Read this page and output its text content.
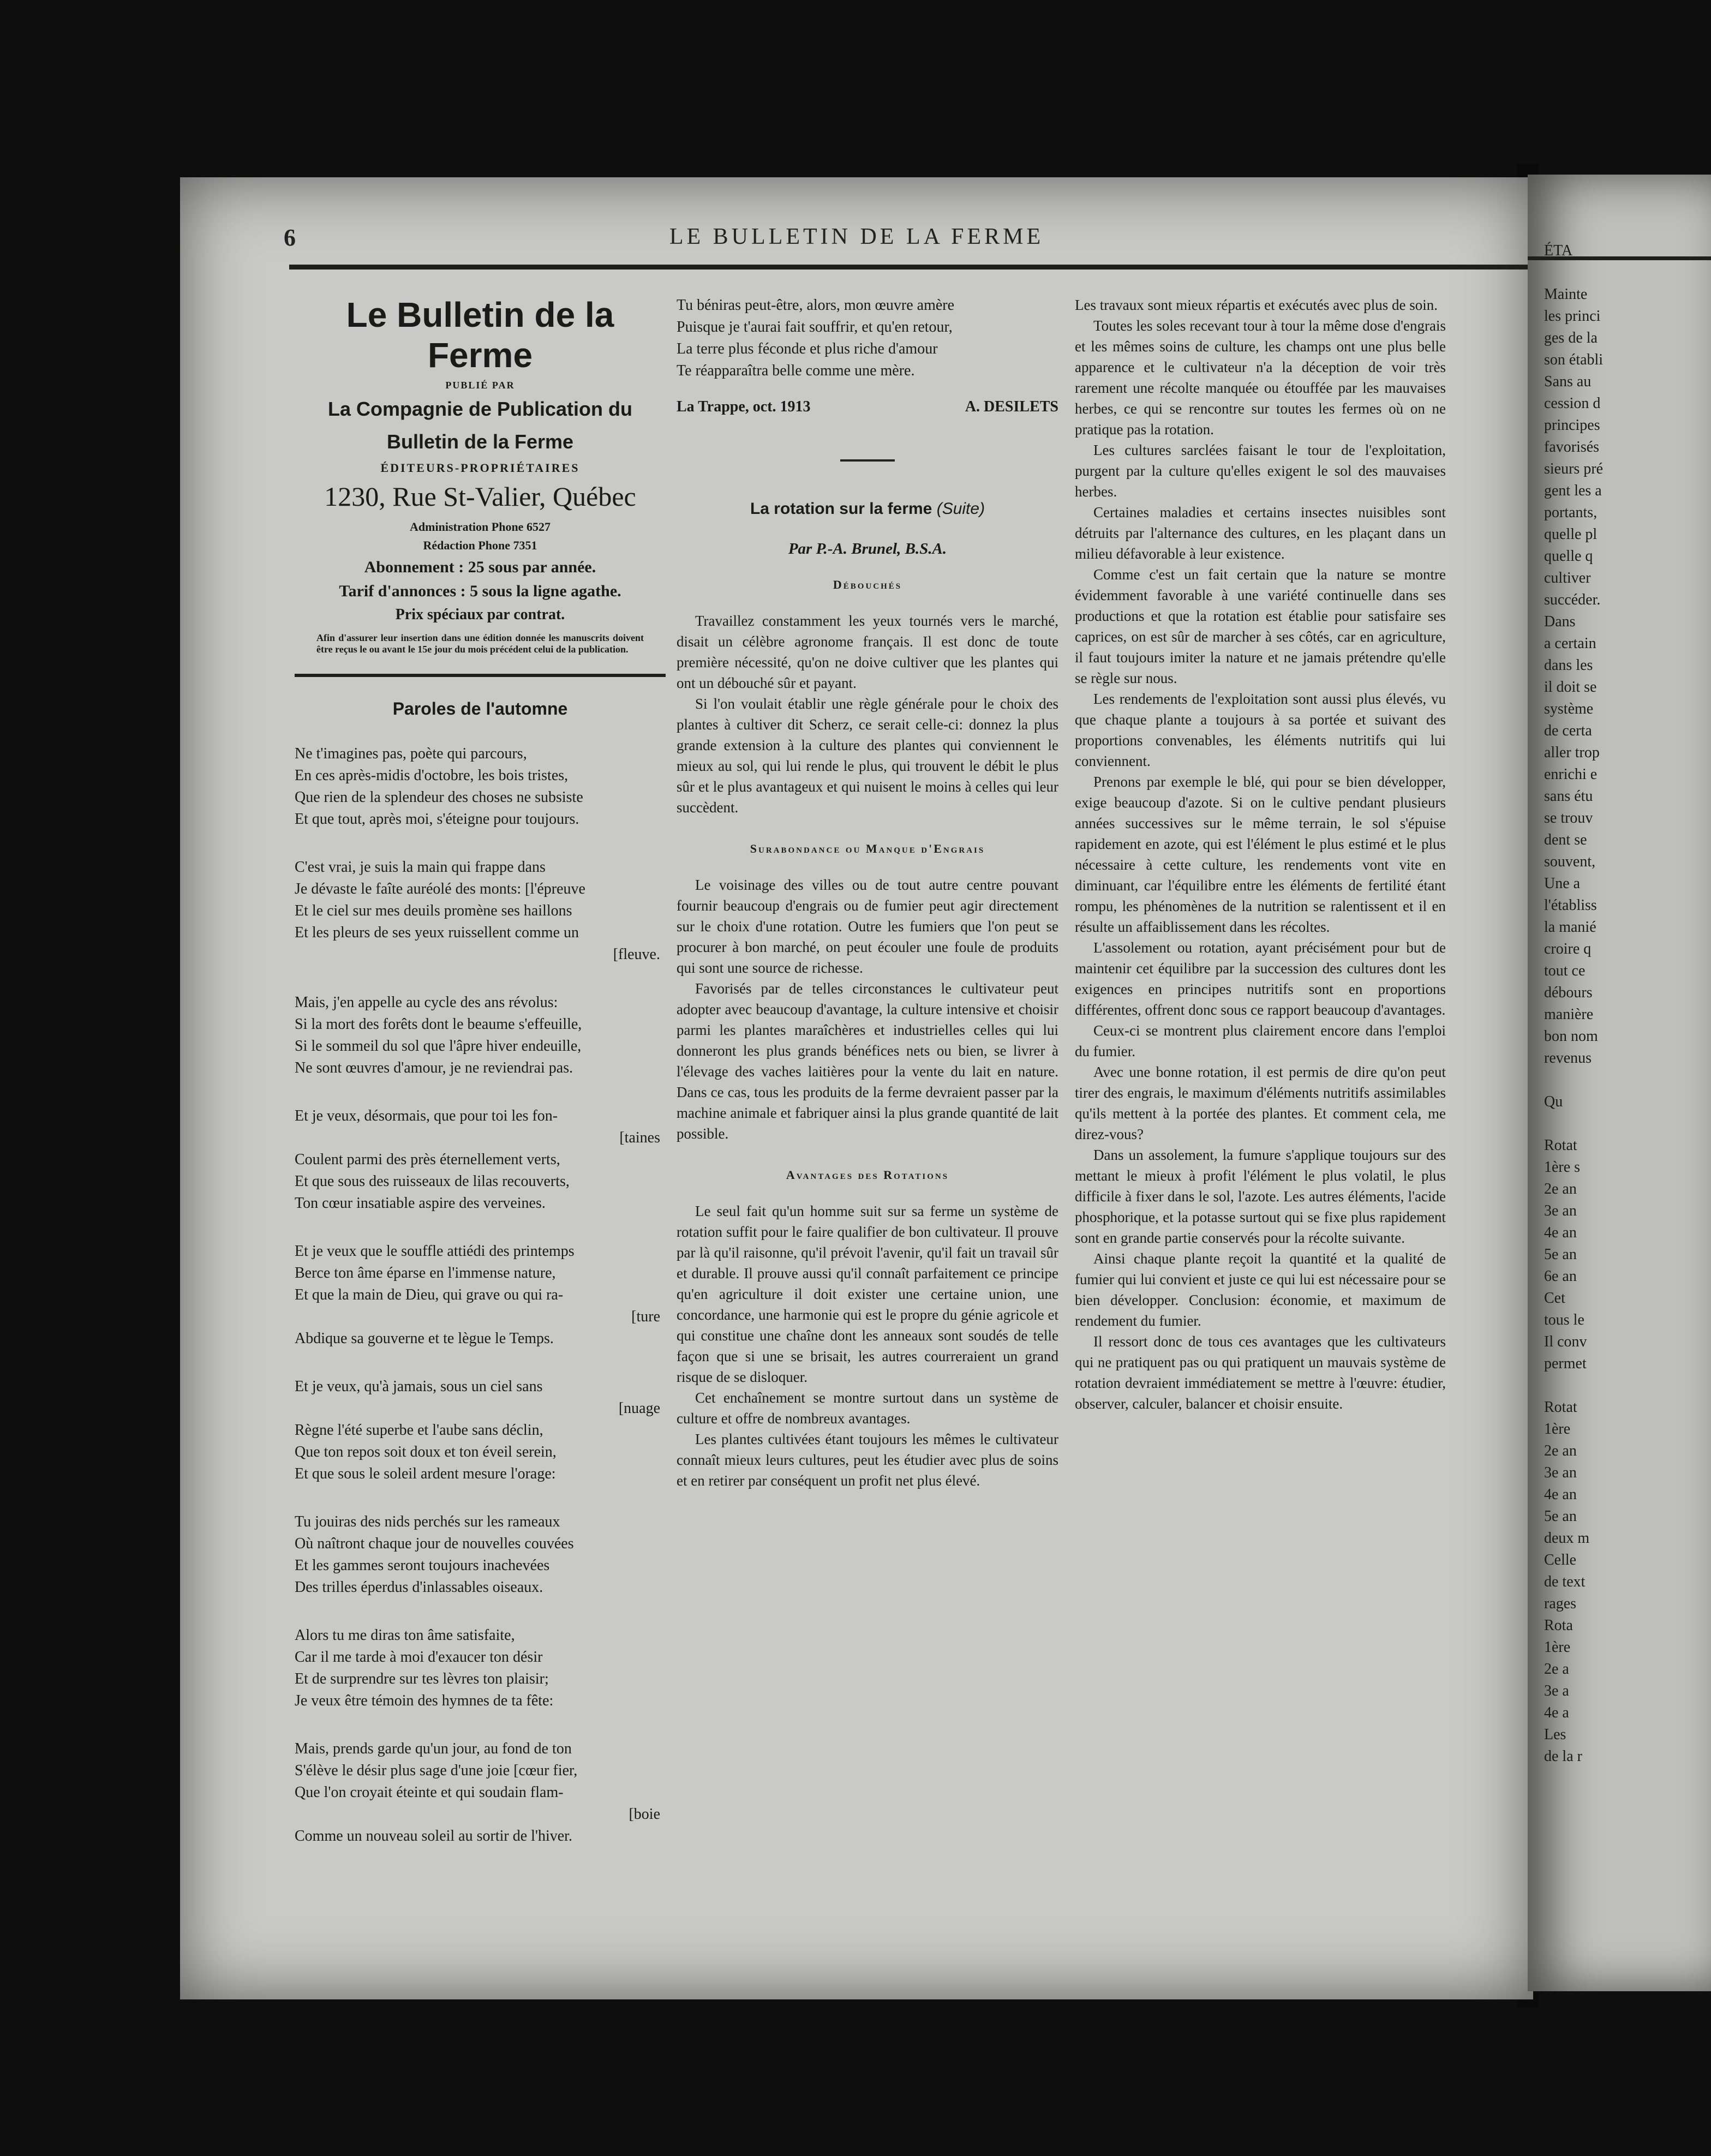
6	LE BULLETIN DE LA FERME
Le Bulletin de la Ferme
PUBLIÉ PAR
La Compagnie de Publication du
Bulletin de la Ferme
ÉDITEURS-PROPRIÉTAIRES
1230, Rue St-Valier, Québec
Administration Phone 6527
Rédaction Phone 7351
Abonnement : 25 sous par année.
Tarif d'annonces : 5 sous la ligne agathe.
Prix spéciaux par contrat.
Afin d'assurer leur insertion dans une édition donnée les manuscrits doivent être reçus le ou avant le 15e jour du mois précédent celui de la publication.
Paroles de l'automne
Ne t'imagines pas, poète qui parcours,
En ces après-midis d'octobre, les bois tristes,
Que rien de la splendeur des choses ne subsiste
Et que tout, après moi, s'éteigne pour toujours.
C'est vrai, je suis la main qui frappe dans
Je dévaste le faîte auréolé des monts: [l'épreuve
Et le ciel sur mes deuils promène ses haillons
Et les pleurs de ses yeux ruissellent comme un
[fleuve.
Mais, j'en appelle au cycle des ans révolus:
Si la mort des forêts dont le beaume s'effeuille,
Si le sommeil du sol que l'âpre hiver endeuille,
Ne sont œuvres d'amour, je ne reviendrai pas.
Et je veux, désormais, que pour toi les fon-
[taines
Coulent parmi des près éternellement verts,
Et que sous des ruisseaux de lilas recouverts,
Ton cœur insatiable aspire des verveines.
Et je veux que le souffle attiédi des printemps
Berce ton âme éparse en l'immense nature,
Et que la main de Dieu, qui grave ou qui ra-
[ture
Abdique sa gouverne et te lègue le Temps.
Et je veux, qu'à jamais, sous un ciel sans
[nuage
Règne l'été superbe et l'aube sans déclin,
Que ton repos soit doux et ton éveil serein,
Et que sous le soleil ardent mesure l'orage:
Tu jouiras des nids perchés sur les rameaux
Où naîtront chaque jour de nouvelles couvées
Et les gammes seront toujours inachevées
Des trilles éperdus d'inlassables oiseaux.
Alors tu me diras ton âme satisfaite,
Car il me tarde à moi d'exaucer ton désir
Et de surprendre sur tes lèvres ton plaisir;
Je veux être témoin des hymnes de ta fête:
Mais, prends garde qu'un jour, au fond de ton
S'élève le désir plus sage d'une joie [cœur fier,
Que l'on croyait éteinte et qui soudain flam-
[boie
Comme un nouveau soleil au sortir de l'hiver.
Tu béniras peut-être, alors, mon œuvre amère
Puisque je t'aurai fait souffrir, et qu'en retour,
La terre plus féconde et plus riche d'amour
Te réapparaîtra belle comme une mère.
La Trappe, oct. 1913	A. DESILETS
La rotation sur la ferme (Suite)
Par P.-A. Brunel, B.S.A.
Débouchés

Travaillez constamment les yeux tournés vers le marché, disait un célèbre agronome français. Il est donc de toute première nécessité, qu'on ne doive cultiver que les plantes qui ont un débouché sûr et payant.

Si l'on voulait établir une règle générale pour le choix des plantes à cultiver dit Scherz, ce serait celle-ci: donnez la plus grande extension à la culture des plantes qui conviennent le mieux au sol, qui lui rende le plus, qui trouvent le débit le plus sûr et le plus avantageux et qui nuisent le moins à celles qui leur succèdent.

Surabondance ou Manque d'Engrais

Le voisinage des villes ou de tout autre centre pouvant fournir beaucoup d'engrais ou de fumier peut agir directement sur le choix d'une rotation. Outre les fumiers que l'on peut se procurer à bon marché, on peut écouler une foule de produits qui sont une source de richesse.

Favorisés par de telles circonstances le cultivateur peut adopter avec beaucoup d'avantage, la culture intensive et choisir parmi les plantes maraîchères et industrielles celles qui lui donneront les plus grands bénéfices nets ou bien, se livrer à l'élevage des vaches laitières pour la vente du lait en nature. Dans ce cas, tous les produits de la ferme devraient passer par la machine animale et fabriquer ainsi la plus grande quantité de lait possible.

Avantages des Rotations

Le seul fait qu'un homme suit sur sa ferme un système de rotation suffit pour le faire qualifier de bon cultivateur. Il prouve par là qu'il raisonne, qu'il prévoit l'avenir, qu'il fait un travail sûr et durable. Il prouve aussi qu'il connaît parfaitement ce principe qu'en agriculture il doit exister une certaine union, une concordance, une harmonie qui est le propre du génie agricole et qui constitue une chaîne dont les anneaux sont soudés de telle façon que si une se brisait, les autres courreraient un grand risque de se disloquer.

Cet enchaînement se montre surtout dans un système de culture et offre de nombreux avantages.

Les plantes cultivées étant toujours les mêmes le cultivateur connaît mieux leurs cultures, peut les étudier avec plus de soins et en retirer par conséquent un profit net plus élevé.

Les travaux sont mieux répartis et exécutés avec plus de soin.

Toutes les soles recevant tour à tour la même dose d'engrais et les mêmes soins de culture, les champs ont une plus belle apparence et le cultivateur n'a la déception de voir très rarement une récolte manquée ou étouffée par les mauvaises herbes, ce qui se rencontre sur toutes les fermes où on ne pratique pas la rotation.

Les cultures sarclées faisant le tour de l'exploitation, purgent par la culture qu'elles exigent le sol des mauvaises herbes.

Certaines maladies et certains insectes nuisibles sont détruits par l'alternance des cultures, en les plaçant dans un milieu défavorable à leur existence.

Comme c'est un fait certain que la nature se montre évidemment favorable à une variété continuelle dans ses productions et que la rotation est établie pour satisfaire ses caprices, on est sûr de marcher à ses côtés, car en agriculture, il faut toujours imiter la nature et ne jamais prétendre qu'elle se règle sur nous.

Les rendements de l'exploitation sont aussi plus élevés, vu que chaque plante a toujours à sa portée et suivant des proportions convenables, les éléments nutritifs qui lui conviennent.

Prenons par exemple le blé, qui pour se bien développer, exige beaucoup d'azote. Si on le cultive pendant plusieurs années successives sur le même terrain, le sol s'épuise rapidement en azote, qui est l'élément le plus estimé et le plus nécessaire à cette culture, les rendements vont vite en diminuant, car l'équilibre entre les éléments de fertilité étant rompu, les phénomènes de la nutrition se ralentissent et il en résulte un affaiblissement dans les récoltes.

L'assolement ou rotation, ayant précisément pour but de maintenir cet équilibre par la succession des cultures dont les exigences en principes nutritifs sont en proportions différentes, offrent donc sous ce rapport beaucoup d'avantages.

Ceux-ci se montrent plus clairement encore dans l'emploi du fumier.

Avec une bonne rotation, il est permis de dire qu'on peut tirer des engrais, le maximum d'éléments nutritifs assimilables qu'ils mettent à la portée des plantes. Et comment cela, me direz-vous?

Dans un assolement, la fumure s'applique toujours sur des mettant le mieux à profit l'élément le plus volatil, le plus difficile à fixer dans le sol, l'azote. Les autres éléments, l'acide phosphorique, et la potasse surtout qui se fixe plus rapidement sont en grande partie conservés pour la récolte suivante.

Ainsi chaque plante reçoit la quantité et la qualité de fumier qui lui convient et juste ce qui lui est nécessaire pour se bien développer. Conclusion: économie, et maximum de rendement du fumier.

Il ressort donc de tous ces avantages que les cultivateurs qui ne pratiquent pas ou qui pratiquent un mauvais système de rotation devraient immédiatement se mettre à l'œuvre: étudier, observer, calculer, balancer et choisir ensuite.

ÉTA

Mainte
les princi
ges de la
son établi
Sans au
cession d
principes
favorisés
sieurs pré
gent les a
portants,
quelle pl
quelle q
cultiver
succéder.
Dans
a certain
dans les
il doit se
système
de certa
aller trop
enrichi e
sans étu
se trouv
dent se
souvent,
Une a
l'établiss
la manié
croire q
tout ce
débours
manière
bon nom
revenus

Qu

Rotat
1ère s
2e an
3e an
4e an
5e an
6e an
Cet
tous le
Il conv
permet

Rotat
1ère
2e an
3e an
4e an
5e an
deux m
Celle
de text
rages
Rota
1ère
2e a
3e a
4e a
Les
de la r
